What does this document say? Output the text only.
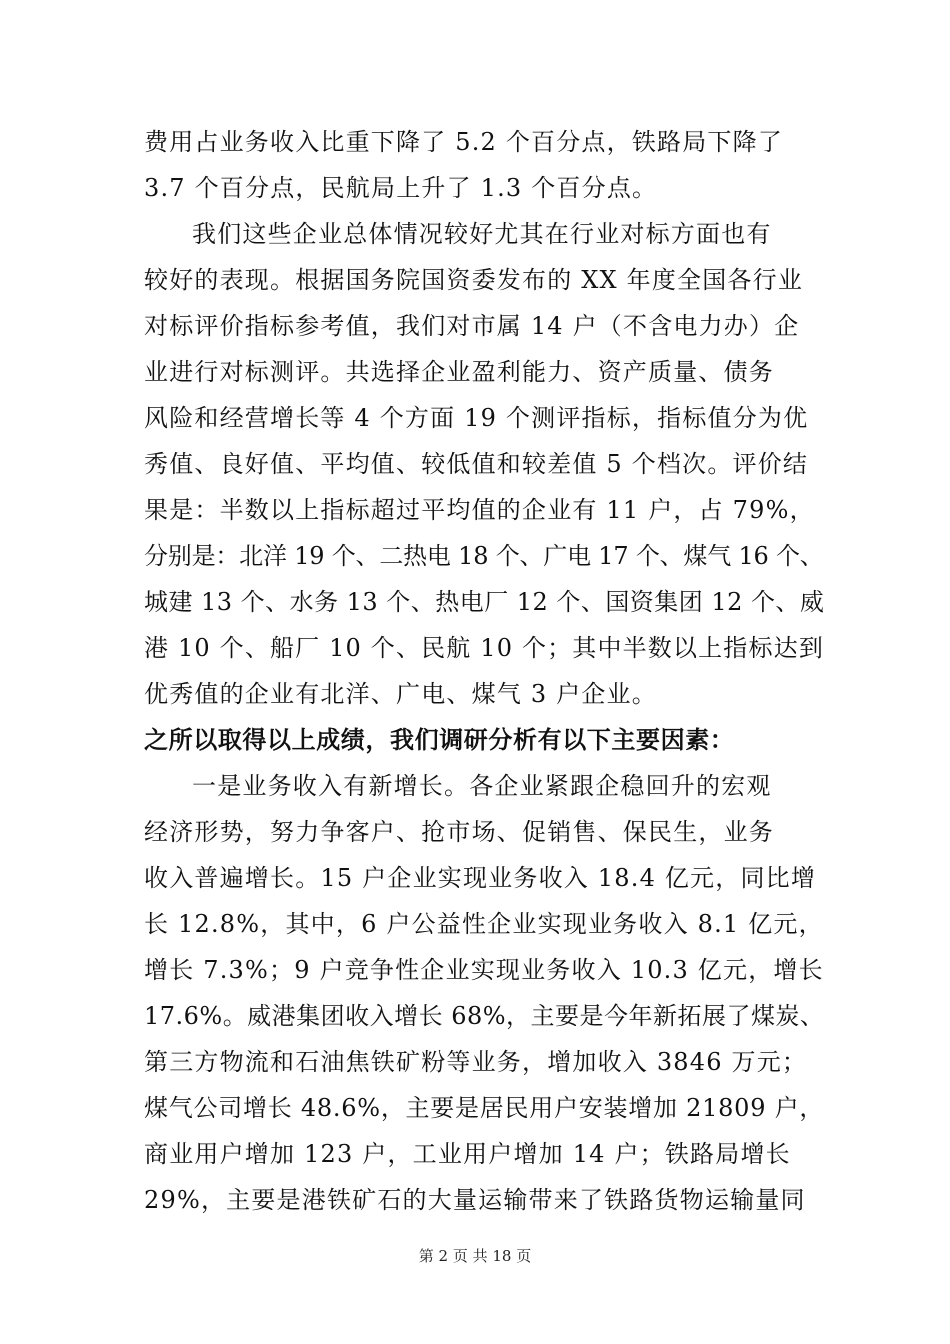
费用占业务收入比重下降了 5.2 个百分点，铁路局下降了
3.7 个百分点，民航局上升了 1.3 个百分点。
我们这些企业总体情况较好尤其在行业对标方面也有
较好的表现。根据国务院国资委发布的 XX 年度全国各行业
对标评价指标参考值，我们对市属 14 户（不含电力办）企
业进行对标测评。共选择企业盈利能力、资产质量、债务
风险和经营增长等 4 个方面 19 个测评指标，指标值分为优
秀值、良好值、平均值、较低值和较差值 5 个档次。评价结
果是：半数以上指标超过平均值的企业有 11 户，占 79%，
分别是：北洋 19 个、二热电 18 个、广电 17 个、煤气 16 个、
城建 13 个、水务 13 个、热电厂 12 个、国资集团 12 个、威
港 10 个、船厂 10 个、民航 10 个；其中半数以上指标达到
优秀值的企业有北洋、广电、煤气 3 户企业。
之所以取得以上成绩，我们调研分析有以下主要因素：
一是业务收入有新增长。各企业紧跟企稳回升的宏观
经济形势，努力争客户、抢市场、促销售、保民生，业务
收入普遍增长。15 户企业实现业务收入 18.4 亿元，同比增
长 12.8%，其中，6 户公益性企业实现业务收入 8.1 亿元，
增长 7.3%；9 户竞争性企业实现业务收入 10.3 亿元，增长
17.6%。威港集团收入增长 68%，主要是今年新拓展了煤炭、
第三方物流和石油焦铁矿粉等业务，增加收入 3846 万元；
煤气公司增长 48.6%，主要是居民用户安装增加 21809 户，
商业用户增加 123 户，工业用户增加 14 户；铁路局增长
29%，主要是港铁矿石的大量运输带来了铁路货物运输量同
第 2 页 共 18 页
